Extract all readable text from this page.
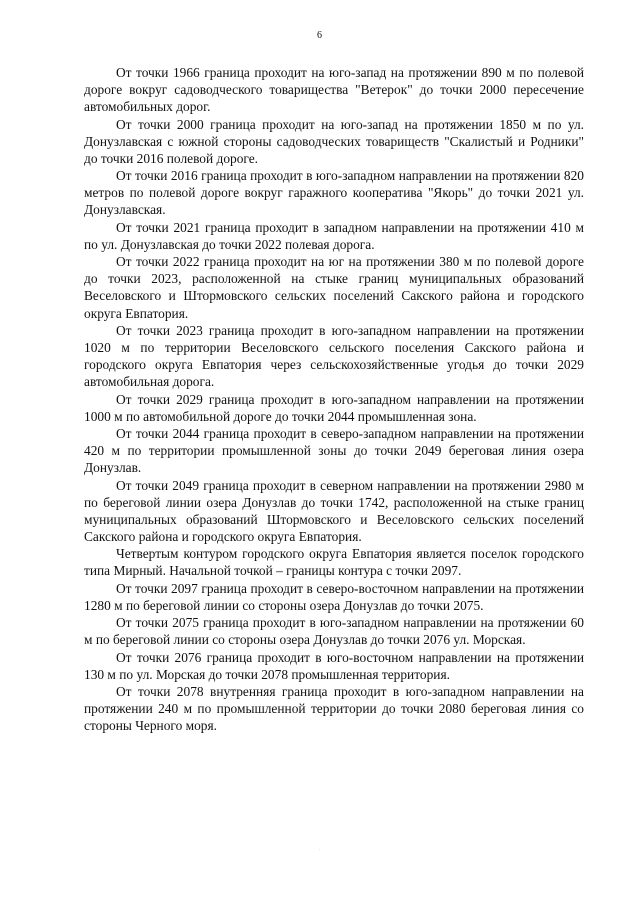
6

От точки 1966 граница проходит на юго-запад на протяжении 890 м по полевой дороге вокруг садоводческого товарищества "Ветерок" до точки 2000 пересечение автомобильных дорог.

От точки 2000 граница проходит на юго-запад на протяжении 1850 м по ул. Донузлавская с южной стороны садоводческих товариществ "Скалистый и Родники" до точки 2016 полевой дороге.

От точки 2016 граница проходит в юго-западном направлении на протяжении 820 метров по полевой дороге вокруг гаражного кооператива "Якорь" до точки 2021 ул. Донузлавская.

От точки 2021 граница проходит в западном направлении на протяжении 410 м по ул. Донузлавская до точки 2022 полевая дорога.

От точки 2022 граница проходит на юг на протяжении 380 м по полевой дороге до точки 2023, расположенной на стыке границ муниципальных образований Веселовского и Штормовского сельских поселений Сакского района и городского округа Евпатория.

От точки 2023 граница проходит в юго-западном направлении на протяжении 1020 м по территории Веселовского сельского поселения Сакского района и городского округа Евпатория через сельскохозяйственные угодья до точки 2029 автомобильная дорога.

От точки 2029 граница проходит в юго-западном направлении на протяжении 1000 м по автомобильной дороге до точки 2044 промышленная зона.

От точки 2044 граница проходит в северо-западном направлении на протяжении 420 м по территории промышленной зоны до точки 2049 береговая линия озера Донузлав.

От точки 2049 граница проходит в северном направлении на протяжении 2980 м по береговой линии озера Донузлав до точки 1742, расположенной на стыке границ муниципальных образований Штормовского и Веселовского сельских поселений Сакского района и городского округа Евпатория.

Четвертым контуром городского округа Евпатория является поселок городского типа Мирный. Начальной точкой – границы контура с точки 2097.

От точки 2097 граница проходит в северо-восточном направлении на протяжении 1280 м по береговой линии со стороны озера Донузлав до точки 2075.

От точки 2075 граница проходит в юго-западном направлении на протяжении 60 м по береговой линии со стороны озера Донузлав до точки 2076 ул. Морская.

От точки 2076 граница проходит в юго-восточном направлении на протяжении 130 м по ул. Морская до точки 2078 промышленная территория.

От точки 2078 внутренняя граница проходит в юго-западном направлении на протяжении 240 м по промышленной территории до точки 2080 береговая линия со стороны Черного моря.

.
